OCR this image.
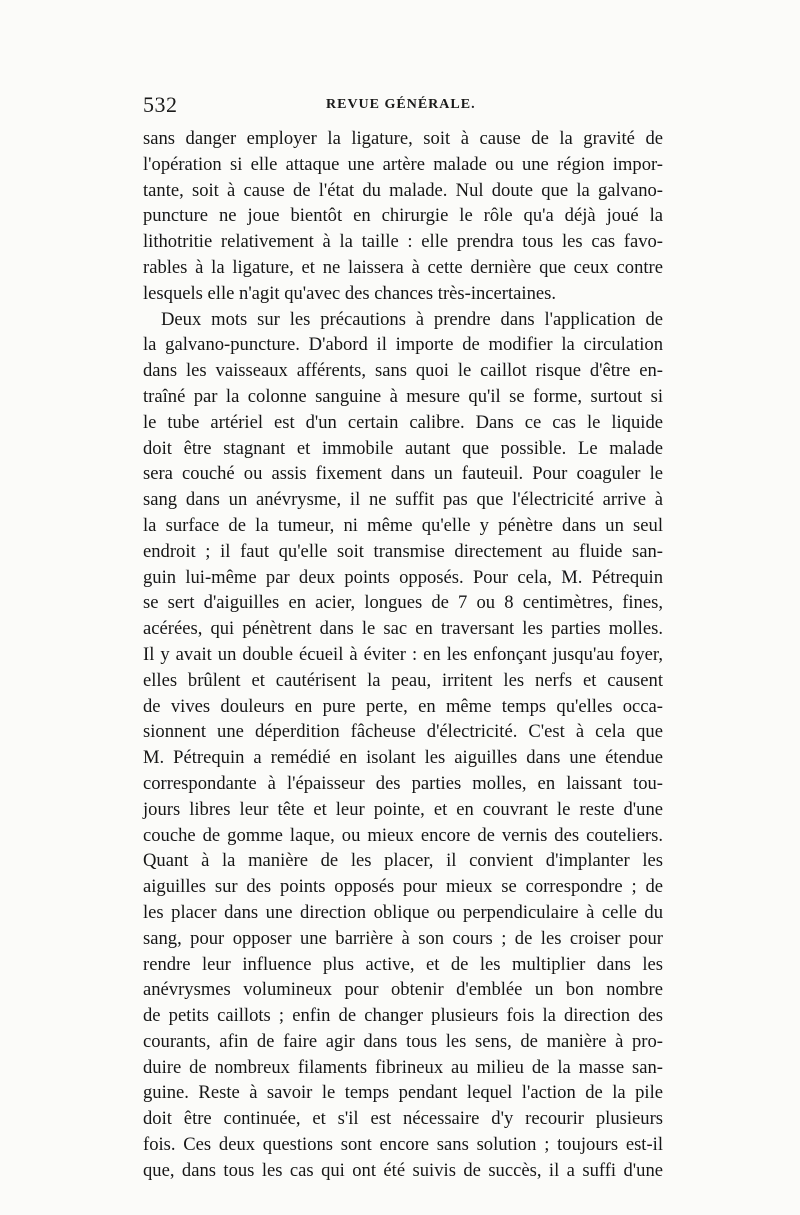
532	REVUE GÉNÉRALE.
sans danger employer la ligature, soit à cause de la gravité de
l'opération si elle attaque une artère malade ou une région impor-
tante, soit à cause de l'état du malade. Nul doute que la galvano-
puncture ne joue bientôt en chirurgie le rôle qu'a déjà joué la
lithotritie relativement à la taille : elle prendra tous les cas favo-
rables à la ligature, et ne laissera à cette dernière que ceux contre
lesquels elle n'agit qu'avec des chances très-incertaines.
Deux mots sur les précautions à prendre dans l'application de
la galvano-puncture. D'abord il importe de modifier la circulation
dans les vaisseaux afférents, sans quoi le caillot risque d'être en-
traîné par la colonne sanguine à mesure qu'il se forme, surtout si
le tube artériel est d'un certain calibre. Dans ce cas le liquide
doit être stagnant et immobile autant que possible. Le malade
sera couché ou assis fixement dans un fauteuil. Pour coaguler le
sang dans un anévrysme, il ne suffit pas que l'électricité arrive à
la surface de la tumeur, ni même qu'elle y pénètre dans un seul
endroit ; il faut qu'elle soit transmise directement au fluide san-
guin lui-même par deux points opposés. Pour cela, M. Pétrequin
se sert d'aiguilles en acier, longues de 7 ou 8 centimètres, fines,
acérées, qui pénètrent dans le sac en traversant les parties molles.
Il y avait un double écueil à éviter : en les enfonçant jusqu'au foyer,
elles brûlent et cautérisent la peau, irritent les nerfs et causent
de vives douleurs en pure perte, en même temps qu'elles occa-
sionnent une déperdition fâcheuse d'électricité. C'est à cela que
M. Pétrequin a remédié en isolant les aiguilles dans une étendue
correspondante à l'épaisseur des parties molles, en laissant tou-
jours libres leur tête et leur pointe, et en couvrant le reste d'une
couche de gomme laque, ou mieux encore de vernis des couteliers.
Quant à la manière de les placer, il convient d'implanter les
aiguilles sur des points opposés pour mieux se correspondre ; de
les placer dans une direction oblique ou perpendiculaire à celle du
sang, pour opposer une barrière à son cours ; de les croiser pour
rendre leur influence plus active, et de les multiplier dans les
anévrysmes volumineux pour obtenir d'emblée un bon nombre
de petits caillots ; enfin de changer plusieurs fois la direction des
courants, afin de faire agir dans tous les sens, de manière à pro-
duire de nombreux filaments fibrineux au milieu de la masse san-
guine. Reste à savoir le temps pendant lequel l'action de la pile
doit être continuée, et s'il est nécessaire d'y recourir plusieurs
fois. Ces deux questions sont encore sans solution ; toujours est-il
que, dans tous les cas qui ont été suivis de succès, il a suffi d'une
